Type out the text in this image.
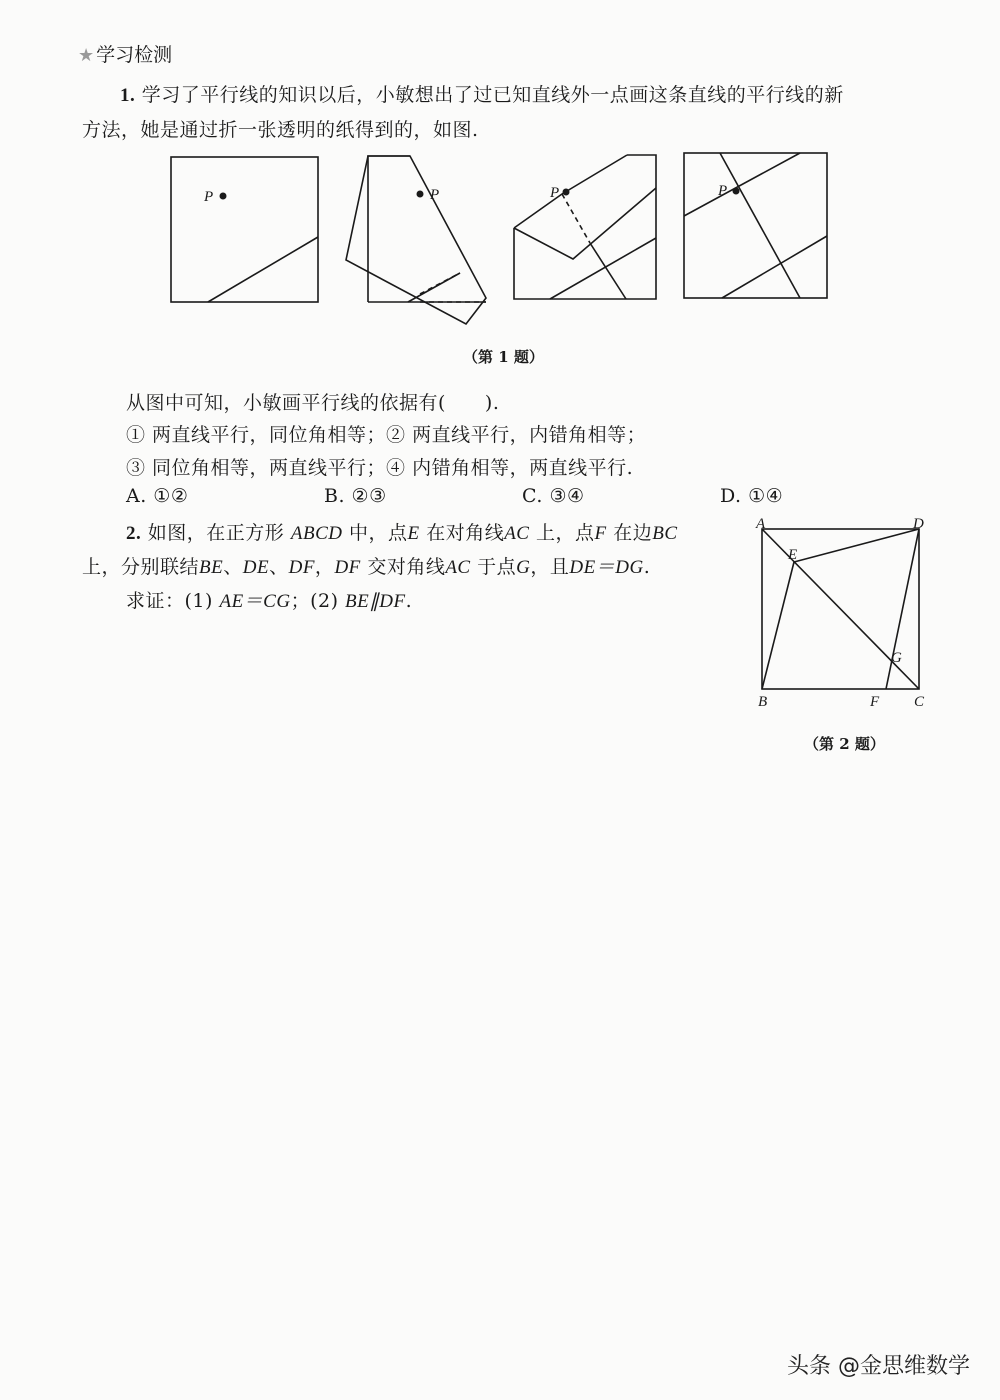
★ 学习检测
1. 学习了平行线的知识以后，小敏想出了过已知直线外一点画这条直线的平行线的新
方法，她是通过折一张透明的纸得到的，如图.
P	P	P	P
（第 1 题）
从图中可知，小敏画平行线的依据有(　　).
① 两直线平行，同位角相等；② 两直线平行，内错角相等；
③ 同位角相等，两直线平行；④ 内错角相等，两直线平行.
A. ①②	B. ②③	C. ③④	D. ①④
2. 如图，在正方形 ABCD 中，点E 在对角线AC 上，点F 在边BC
上，分别联结BE、DE、DF，DF 交对角线AC 于点G，且DE＝DG.
求证：(1) AE＝CG；(2) BE∥DF.
A	D
B	C
E
F
G
（第 2 题）
头条 @金思维数学
